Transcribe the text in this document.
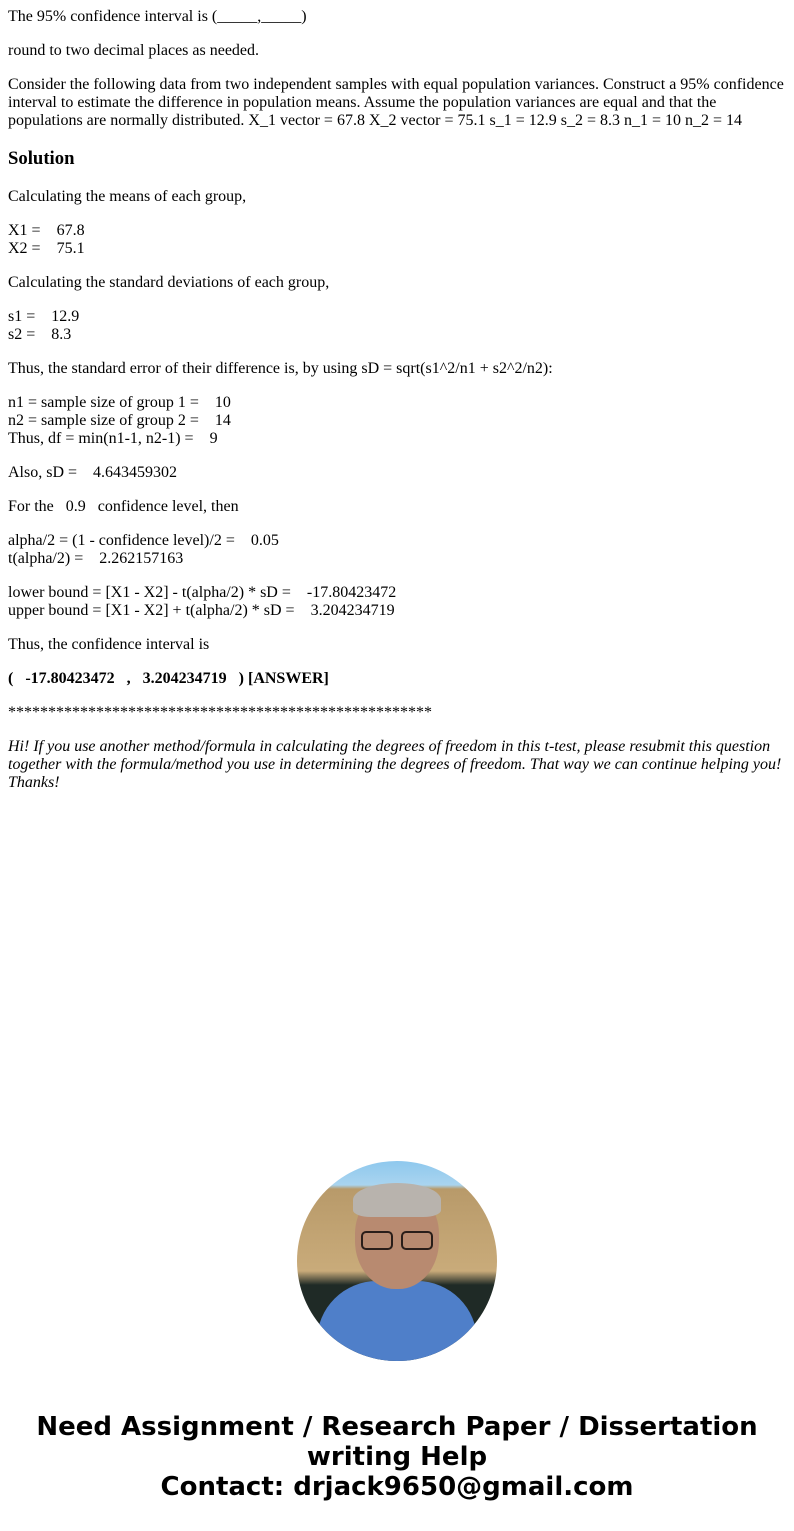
The 95% confidence interval is (_____,_____)

round to two decimal places as needed.

Consider the following data from two independent samples with equal population variances. Construct a 95% confidence interval to estimate the difference in population means. Assume the population variances are equal and that the populations are normally distributed. X_1 vector = 67.8 X_2 vector = 75.1 s_1 = 12.9 s_2 = 8.3 n_1 = 10 n_2 = 14

Solution

Calculating the means of each group,

X1 =    67.8
X2 =    75.1

Calculating the standard deviations of each group,

s1 =    12.9
s2 =    8.3

Thus, the standard error of their difference is, by using sD = sqrt(s1^2/n1 + s2^2/n2):

n1 = sample size of group 1 =    10
n2 = sample size of group 2 =    14
Thus, df = min(n1-1, n2-1) =    9

Also, sD =    4.643459302

For the   0.9   confidence level, then

alpha/2 = (1 - confidence level)/2 =    0.05
t(alpha/2) =    2.262157163

lower bound = [X1 - X2] - t(alpha/2) * sD =    -17.80423472
upper bound = [X1 - X2] + t(alpha/2) * sD =    3.204234719

Thus, the confidence interval is

(   -17.80423472   ,   3.204234719   ) [ANSWER]

*****************************************************

Hi! If you use another method/formula in calculating the degrees of freedom in this t-test, please resubmit this question together with the formula/method you use in determining the degrees of freedom. That way we can continue helping you! Thanks!

Need Assignment / Research Paper / Dissertation writing Help
Contact: drjack9650@gmail.com
